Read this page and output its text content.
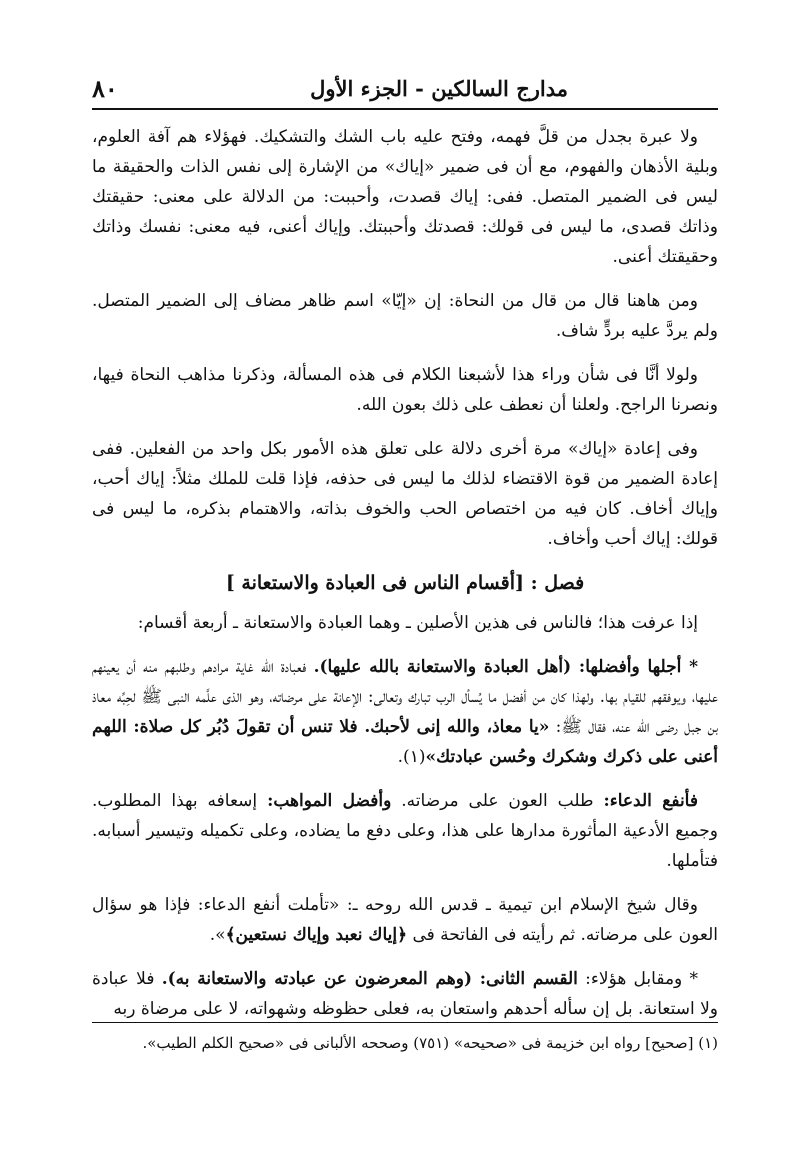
مدارج السالكين - الجزء الأول
٨٠

ولا عبرة بجدل من قلَّ فهمه، وفتح عليه باب الشك والتشكيك. فهؤلاء هم آفة العلوم، وبلية الأذهان والفهوم، مع أن فى ضمير «إياك» من الإشارة إلى نفس الذات والحقيقة ما ليس فى الضمير المتصل. ففى: إياك قصدت، وأحببت: من الدلالة على معنى: حقيقتك وذاتك قصدى، ما ليس فى قولك: قصدتك وأحببتك. وإياك أعنى، فيه معنى: نفسك وذاتك وحقيقتك أعنى.

ومن هاهنا قال من قال من النحاة: إن «إيّا» اسم ظاهر مضاف إلى الضمير المتصل. ولم يردَّ عليه بردٍّ شاف.

ولولا أنَّا فى شأن وراء هذا لأشبعنا الكلام فى هذه المسألة، وذكرنا مذاهب النحاة فيها، ونصرنا الراجح. ولعلنا أن نعطف على ذلك بعون الله.

وفى إعادة «إياك» مرة أخرى دلالة على تعلق هذه الأمور بكل واحد من الفعلين. ففى إعادة الضمير من قوة الاقتضاء لذلك ما ليس فى حذفه، فإذا قلت للملك مثلاً: إياك أحب، وإياك أخاف. كان فيه من اختصاص الحب والخوف بذاته، والاهتمام بذكره، ما ليس فى قولك: إياك أحب وأخاف.

فصل : [أقسام الناس فى العبادة والاستعانة ]

إذا عرفت هذا؛ فالناس فى هذين الأصلين ـ وهما العبادة والاستعانة ـ أربعة أقسام:

* أجلها وأفضلها: (أهل العبادة والاستعانة بالله عليها). فعبادة الله غاية مرادهم وطلبهم منه أن يعينهم عليها، ويوفقهم للقيام بها. ولهذا كان من أفضل ما يُسأل الرب تبارك وتعالى: الإعانة على مرضاته، وهو الذى علَّمه النبى ﷺ لحِبِّه معاذ بن جبل رضى الله عنه، فقال ﷺ: «يا معاذ، والله إنى لأحبك. فلا تنس أن تقولَ دُبُر كل صلاة: اللهم أعنى على ذكرك وشكرك وحُسن عبادتك»(١).

فأنفع الدعاء: طلب العون على مرضاته. وأفضل المواهب: إسعافه بهذا المطلوب. وجميع الأدعية المأثورة مدارها على هذا، وعلى دفع ما يضاده، وعلى تكميله وتيسير أسبابه. فتأملها.

وقال شيخ الإسلام ابن تيمية ـ قدس الله روحه ـ: «تأملت أنفع الدعاء: فإذا هو سؤال العون على مرضاته. ثم رأيته فى الفاتحة فى ﴿إياك نعبد وإياك نستعين﴾».

* ومقابل هؤلاء: القسم الثانى: (وهم المعرضون عن عبادته والاستعانة به). فلا عبادة ولا استعانة. بل إن سأله أحدهم واستعان به، فعلى حظوظه وشهواته، لا على مرضاة ربه

(١) [صحيح] رواه ابن خزيمة فى «صحيحه» (٧٥١) وصححه الألبانى فى «صحيح الكلم الطيب».
